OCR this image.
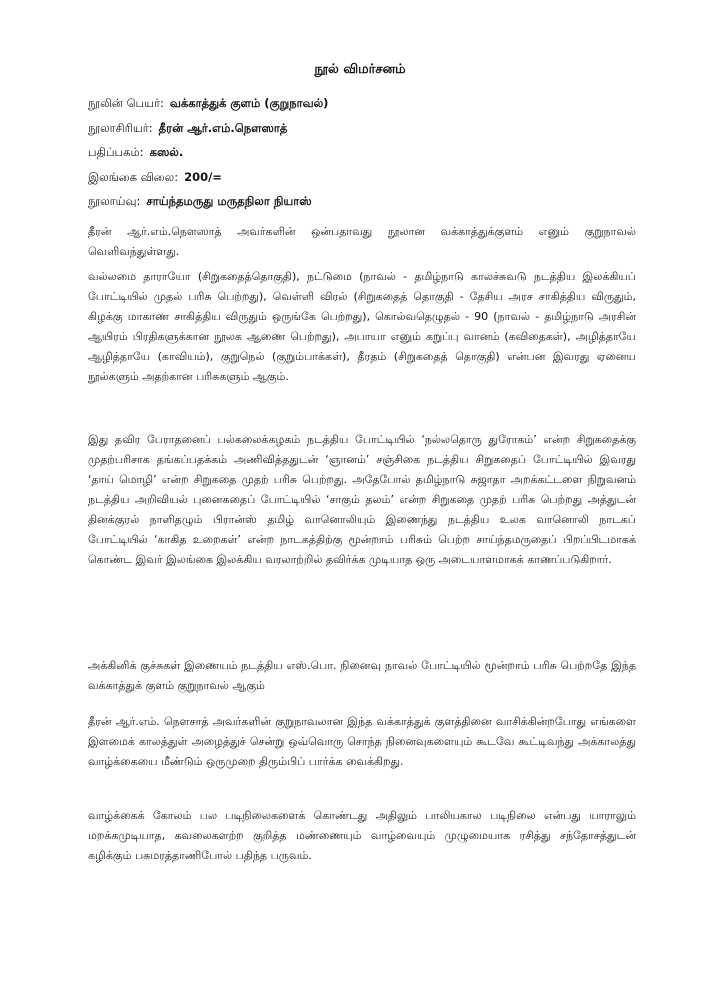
நூல் விமர்சனம்
நூலின் பெயர்: வக்காத்துக் குளம் (குறுநாவல்)
நூலாசிரியர்: தீரன் ஆர்.எம்.நௌஸாத்
பதிப்பகம்: கஸல்.
இலங்கை விலை: 200/=
நூலாய்வு: சாய்ந்தமருது மருதநிலா நியாஸ்

தீரன் ஆர்.எம்.நௌஸாத் அவர்களின் ஒன்பதாவது நூலான வக்காத்துக்குளம் எனும் குறுநாவல் வெளிவந்துள்ளது.

வல்லமை தாராயோ (சிறுகதைத்தொகுதி), நட்டுமை (நாவல் - தமிழ்நாடு காலச்சுவடு நடத்திய இலக்கியப் போட்டியில் முதல் பரிசு பெற்றது), வெள்ளி விரல் (சிறுகதைத் தொகுதி - தேசிய அரச சாகித்திய விருதும், கிழக்கு மாகாண சாகித்திய விருதும் ஒருங்கே பெற்றது), கொல்வதெழுதல் - 90 (நாவல் - தமிழ்நாடு அரசின் ஆயிரம் பிரதிகளுக்கான நூலக ஆணை பெற்றது), அபாயா எனும் கறுப்பு வானம் (கவிதைகள்), அழித்தாயே ஆழித்தாயே (காவியம்), குறுநெல் (குறும்பாக்கள்), தீரதம் (சிறுகதைத் தொகுதி) என்பன இவரது ஏனைய நூல்களும் அதற்கான பரிசுகளும் ஆகும்.

இது தவிர பேராதனைப் பல்கலைக்கழகம் நடத்திய போட்டியில் ‘நல்லதொரு துரோகம்’ என்ற சிறுகதைக்கு முதற்பரிசாக தங்கப்பதக்கம் அணிவித்ததுடன் ‘ஞானம்’ சஞ்சிகை நடத்திய சிறுகதைப் போட்டியில் இவரது ‘தாய் மொழி’ என்ற சிறுகதை முதற் பரிசு பெற்றது. அதேபோல் தமிழ்நாடு சுஜாதா அறக்கட்டளை நிறுவனம் நடத்திய அறிவியல் புனைகதைப் போட்டியில் ‘சாகும் தலம்’ என்ற சிறுகதை முதற் பரிசு பெற்றது அத்துடன் தினக்குரல் நாளிதழும் பிரான்ஸ் தமிழ் வானொலியும் இணைந்து நடத்திய உலக வானொலி நாடகப் போட்டியில் ‘காகித உறைகள்’ என்ற நாடகத்திற்கு மூன்றாம் பரிசும் பெற்ற சாய்ந்தமருதைப் பிறப்பிடமாகக் கொண்ட இவர் இலங்கை இலக்கிய வரலாற்றில் தவிர்க்க முடியாத ஒரு அடையாளமாகக் காணப்படுகிறார்.

அக்கினிக் குச்சுகள் இணையம் நடத்திய எஸ்.பொ. நினைவு நாவல் போட்டியில் மூன்றாம் பரிசு பெற்றதே இந்த வக்காத்துக் குளம் குறுநாவல் ஆகும்

தீரன் ஆர்.எம். நௌசாத் அவர்களின் குறுநாவலான இந்த வக்காத்துக் குளத்தினை வாசிக்கின்றபோது எங்களை இளமைக் காலத்துள் அழைத்துச் சென்று ஒவ்வொரு சொந்த நினைவுகளையும் கூடவே கூட்டிவந்து அக்காலத்து வாழ்க்கையை மீண்டும் ஒருமுறை திரும்பிப் பார்க்க வைக்கிறது.

வாழ்க்கைக் கோலம் பல படிநிலைகளைக் கொண்டது அதிலும் பாலியகால படிநிலை என்பது யாராலும் மறக்கமுடியாத, கவலைகளற்ற குறித்த மண்ணையும் வாழ்வையும் முழுமையாக ரசித்து சந்தோசத்துடன் கழிக்கும் பசுமரத்தாணிபோல் பதிந்த பருவம்.
